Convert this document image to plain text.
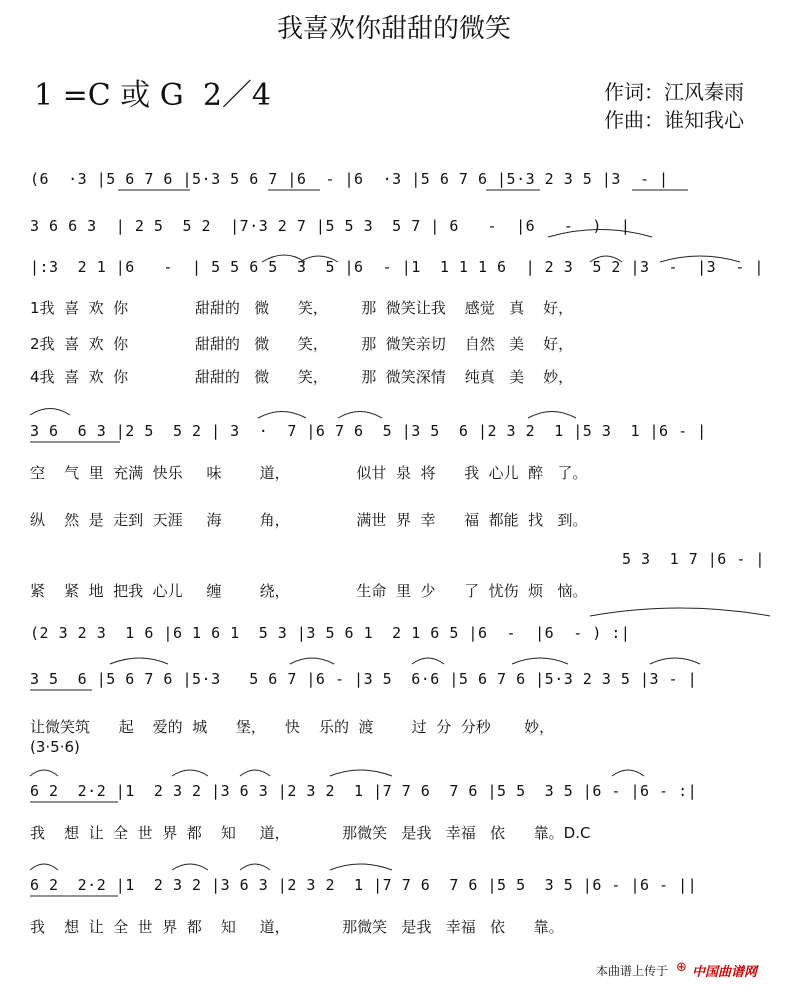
我喜欢你甜甜的微笑
1 =C 或 G  2／4	作词：江风秦雨
作曲：谁知我心
(6  ·3 |5 6 7 6 |5·3 5 6 7 |6  - |6  ·3 |5 6 7 6 |5·3 2 3 5 |3  - |
3 6 6 3  | 2 5  5 2  |7·3 2 7 |5 5 3  5 7 | 6   -  |6   -  )  |
|:3  2 1 |6   -  | 5 5 6 5  3  5 |6  - |1  1 1 1 6  | 2 3  5 2 |3  -  |3  - |
1我  喜  欢  你              甜甜的   微      笑，       那  微笑让我    感觉   真    好，
2我  喜  欢  你              甜甜的   微      笑，       那  微笑亲切    自然   美    好，
4我  喜  欢  你              甜甜的   微      笑，       那  微笑深情    纯真   美    妙，
3 6  6 3 |2 5  5 2 | 3  ·  7 |6 7 6  5 |3 5  6 |2 3 2  1 |5 3  1 |6 - |
空    气  里  充满  快乐     味        道，              似甘  泉  将      我  心儿  醉   了。
纵    然  是  走到  天涯     海        角，              满世  界  幸      福  都能  找   到。
5 3  1 7 |6 - |
紧    紧  地  把我  心儿     缠        绕，              生命  里  少      了  忧伤  烦   恼。
(2 3 2 3  1 6 |6 1 6 1  5 3 |3 5 6 1  2 1 6 5 |6  -  |6  - ) :|
3 5  6 |5 6 7 6 |5·3   5 6 7 |6 - |3 5  6·6 |5 6 7 6 |5·3 2 3 5 |3 - |
让微笑筑      起    爱的  城      堡，    快    乐的  渡        过  分  分秒       妙，
(3·5·6)
6 2  2·2 |1  2 3 2 |3 6 3 |2 3 2  1 |7 7 6  7 6 |5 5  3 5 |6 - |6 - :|
我    想  让  全  世  界  都    知     道，           那微笑   是我   幸福   依      靠。D.C
6 2  2·2 |1  2 3 2 |3 6 3 |2 3 2  1 |7 7 6  7 6 |5 5  3 5 |6 - |6 - ||
我    想  让  全  世  界  都    知     道，           那微笑   是我   幸福   依      靠。
本曲谱上传于 ⊕ 中国曲谱网
